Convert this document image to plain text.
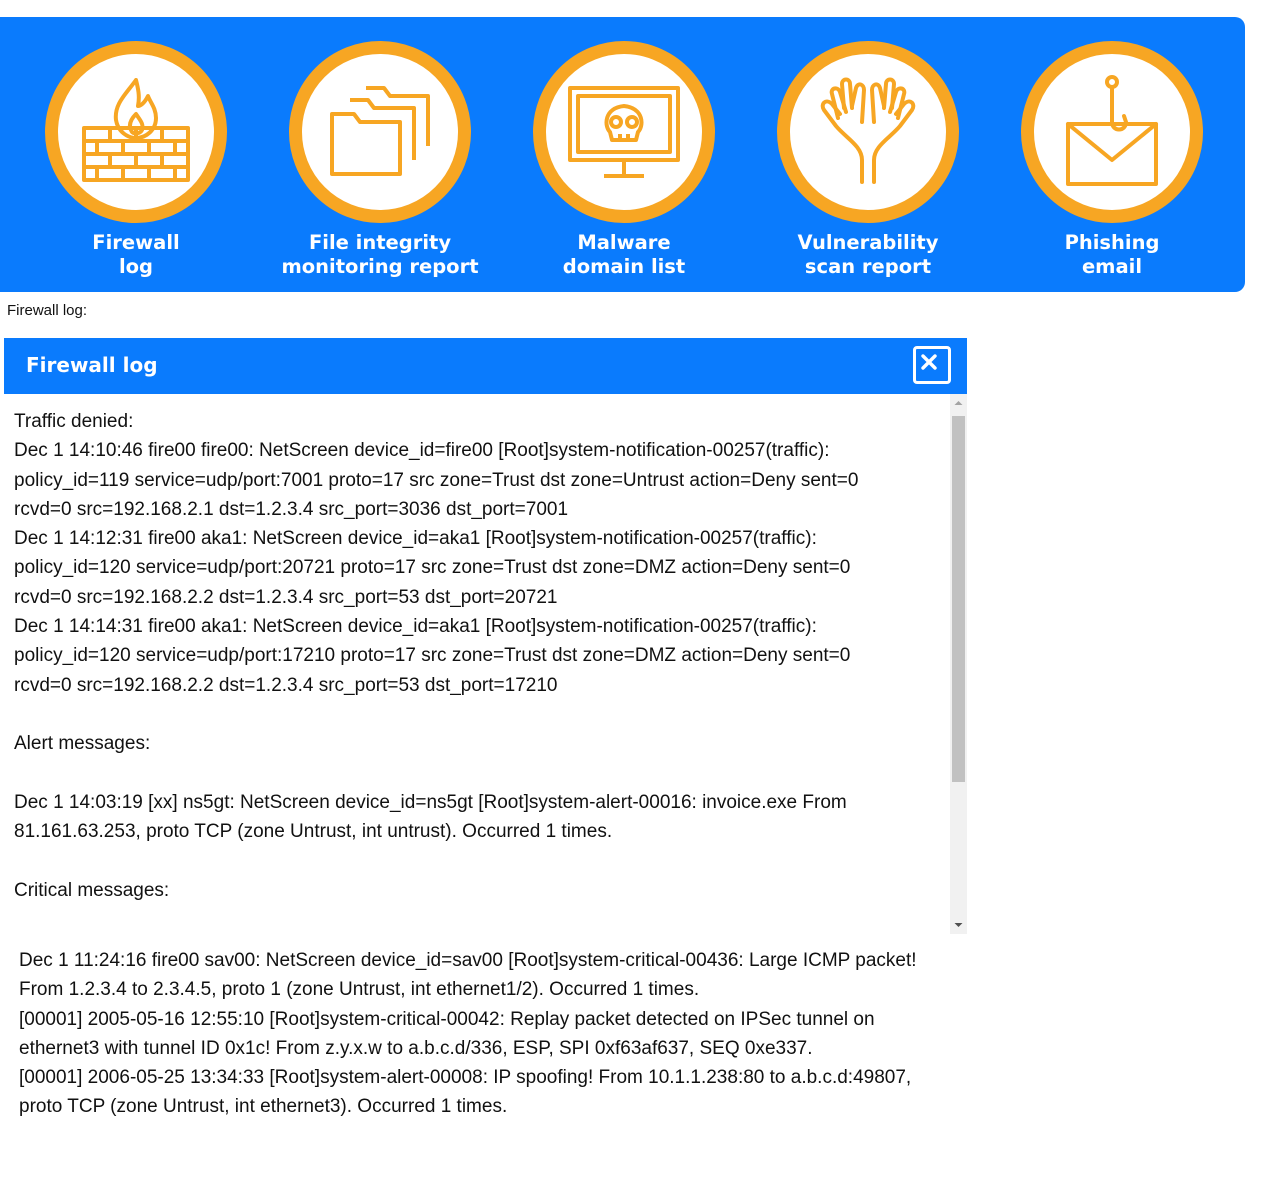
Firewall
log
File integrity
monitoring report
Malware
domain list
Vulnerability
scan report
Phishing
email
Firewall log:
Firewall log
Traffic denied:
Dec 1 14:10:46 fire00 fire00: NetScreen device_id=fire00 [Root]system-notification-00257(traffic):
policy_id=119 service=udp/port:7001 proto=17 src zone=Trust dst zone=Untrust action=Deny sent=0
rcvd=0 src=192.168.2.1 dst=1.2.3.4 src_port=3036 dst_port=7001
Dec 1 14:12:31 fire00 aka1: NetScreen device_id=aka1 [Root]system-notification-00257(traffic):
policy_id=120 service=udp/port:20721 proto=17 src zone=Trust dst zone=DMZ action=Deny sent=0
rcvd=0 src=192.168.2.2 dst=1.2.3.4 src_port=53 dst_port=20721
Dec 1 14:14:31 fire00 aka1: NetScreen device_id=aka1 [Root]system-notification-00257(traffic):
policy_id=120 service=udp/port:17210 proto=17 src zone=Trust dst zone=DMZ action=Deny sent=0
rcvd=0 src=192.168.2.2 dst=1.2.3.4 src_port=53 dst_port=17210
Alert messages:
Dec 1 14:03:19 [xx] ns5gt: NetScreen device_id=ns5gt [Root]system-alert-00016: invoice.exe From
81.161.63.253, proto TCP (zone Untrust, int untrust). Occurred 1 times.
Critical messages:
Dec 1 11:24:16 fire00 sav00: NetScreen device_id=sav00 [Root]system-critical-00436: Large ICMP packet!
From 1.2.3.4 to 2.3.4.5, proto 1 (zone Untrust, int ethernet1/2). Occurred 1 times.
[00001] 2005-05-16 12:55:10 [Root]system-critical-00042: Replay packet detected on IPSec tunnel on
ethernet3 with tunnel ID 0x1c! From z.y.x.w to a.b.c.d/336, ESP, SPI 0xf63af637, SEQ 0xe337.
[00001] 2006-05-25 13:34:33 [Root]system-alert-00008: IP spoofing! From 10.1.1.238:80 to a.b.c.d:49807,
proto TCP (zone Untrust, int ethernet3). Occurred 1 times.
